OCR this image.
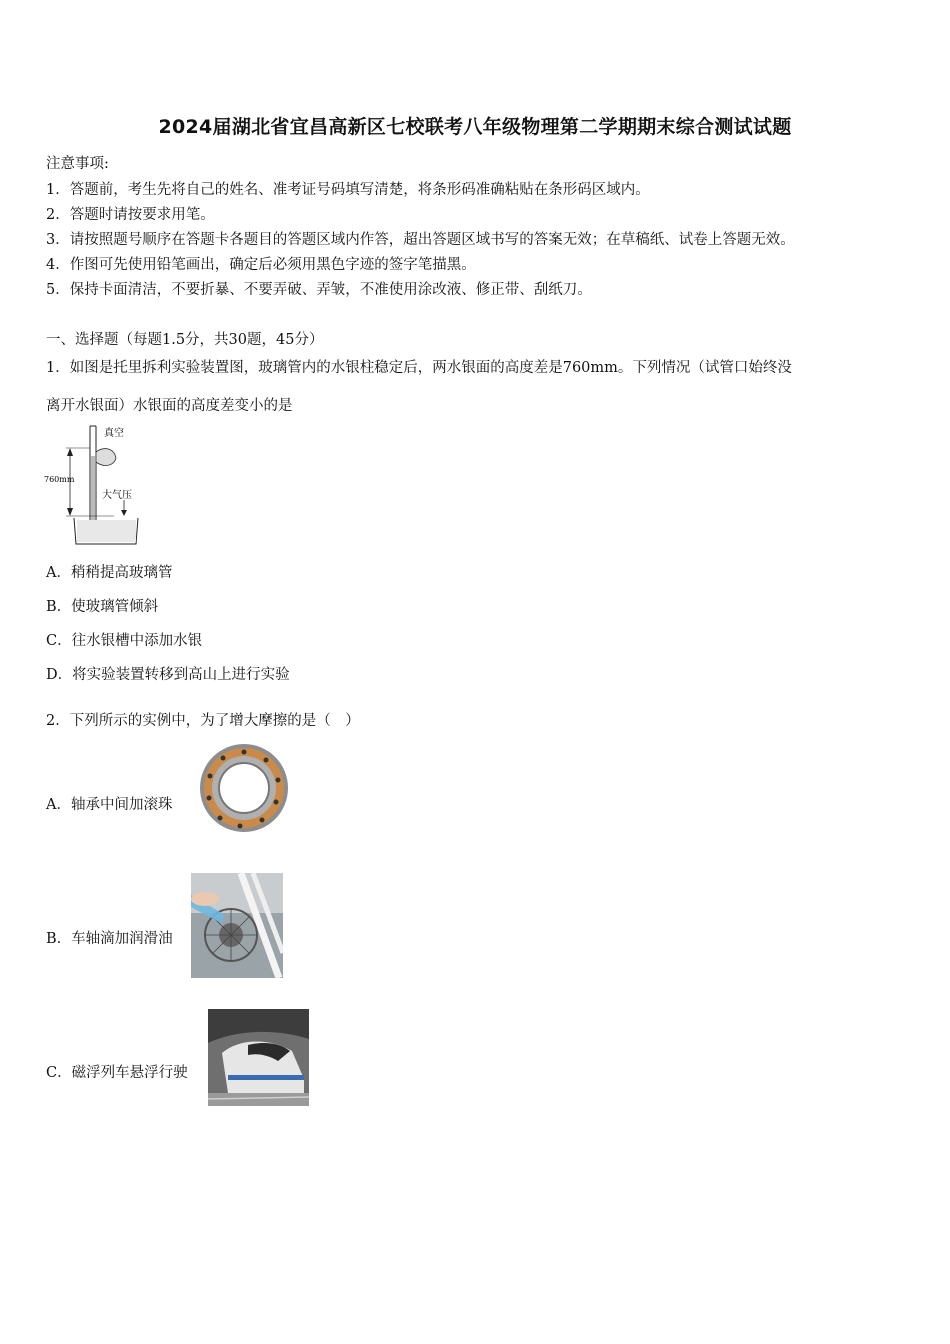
2024届湖北省宜昌高新区七校联考八年级物理第二学期期末综合测试试题
注意事项:
1．答题前，考生先将自己的姓名、准考证号码填写清楚，将条形码准确粘贴在条形码区域内。
2．答题时请按要求用笔。
3．请按照题号顺序在答题卡各题目的答题区域内作答，超出答题区域书写的答案无效；在草稿纸、试卷上答题无效。
4．作图可先使用铅笔画出，确定后必须用黑色字迹的签字笔描黑。
5．保持卡面清洁，不要折暴、不要弄破、弄皱，不准使用涂改液、修正带、刮纸刀。
一、选择题（每题1.5分，共30题，45分）
1．如图是托里拆利实验装置图，玻璃管内的水银柱稳定后，两水银面的高度差是760mm。下列情况（试管口始终没
离开水银面）水银面的高度差变小的是
真空
760mm
大气压
A．稍稍提高玻璃管
B．使玻璃管倾斜
C．往水银槽中添加水银
D．将实验装置转移到高山上进行实验
2．下列所示的实例中，为了增大摩擦的是（　）
A．轴承中间加滚珠
B．车轴滴加润滑油
C．磁浮列车悬浮行驶
